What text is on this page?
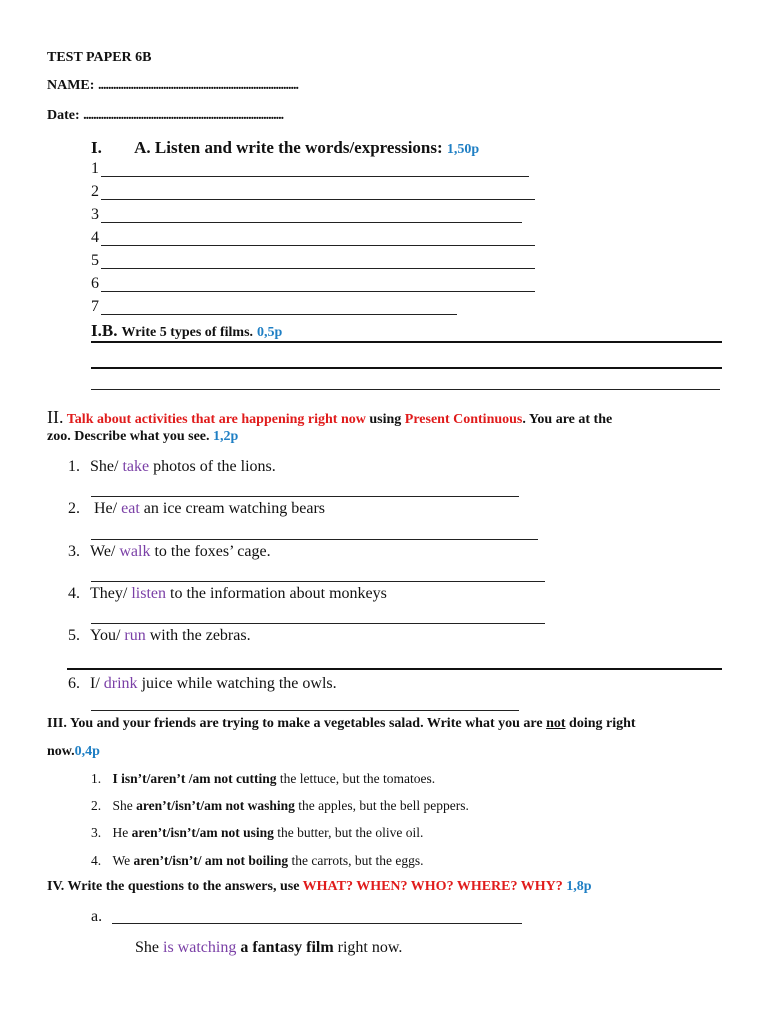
TEST PAPER 6B
NAME: ................................................................................
Date: ................................................................................
I. A. Listen and write the words/expressions: 1,50p
1
2
3
4
5
6
7
I.B. Write 5 types of films. 0,5p
II. Talk about activities that are happening right now using Present Continuous. You are at the
zoo. Describe what you see. 1,2p
1. She/ take photos of the lions.
2. He/ eat an ice cream watching bears
3. We/ walk to the foxes’ cage.
4. They/ listen to the information about monkeys
5. You/ run with the zebras.
6. I/ drink juice while watching the owls.
III. You and your friends are trying to make a vegetables salad. Write what you are not doing right
now.0,4p
1. I isn’t/aren’t /am not cutting the lettuce, but the tomatoes.
2. She aren’t/isn’t/am not washing the apples, but the bell peppers.
3. He aren’t/isn’t/am not using the butter, but the olive oil.
4. We aren’t/isn’t/ am not boiling the carrots, but the eggs.
IV. Write the questions to the answers, use WHAT? WHEN? WHO? WHERE? WHY? 1,8p
a.
She is watching a fantasy film right now.
